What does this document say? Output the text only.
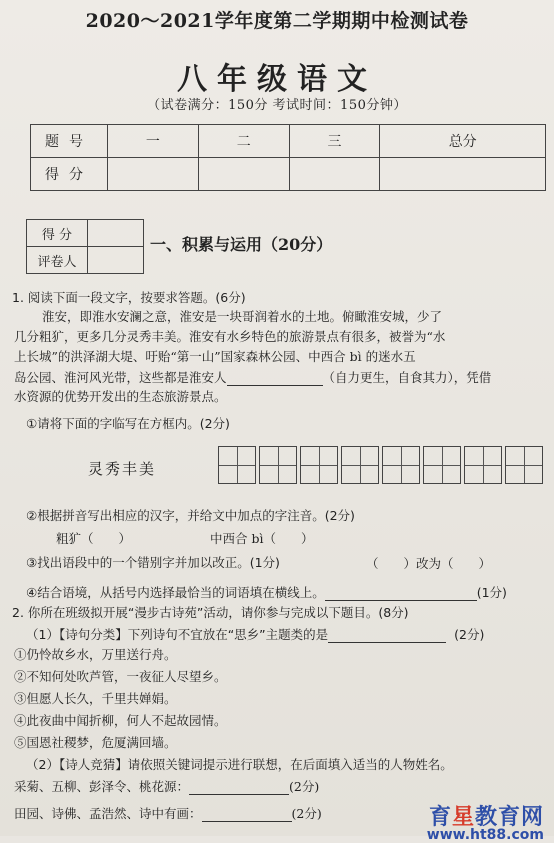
2020～2021学年度第二学期期中检测试卷
八年级语文
（试卷满分：150分 考试时间：150分钟）
题号	一	二	三	总分
得分				
得 分	
评卷人	
一、积累与运用（20分）
1. 阅读下面一段文字，按要求答题。(6分)
淮安，即淮水安澜之意，淮安是一块哥润着水的土地。俯瞰淮安城，少了
几分粗犷，更多几分灵秀丰美。淮安有水乡特色的旅游景点有很多，被誉为“水
上长城”的洪泽湖大堤、吁贻“第一山”国家森林公园、中西合 bì 的迷水五
岛公园、淮河风光带，这些都是淮安人	（自力更生，自食其力），凭借
水资源的优势开发出的生态旅游景点。
①请将下面的字临写在方框内。(2分)
灵秀丰美
②根据拼音写出相应的汉字，并给文中加点的字注音。(2分)
粗犷（　　）	中西合 bì（　　）
③找出语段中的一个错别字并加以改正。(1分)	（　　）改为（　　）
④结合语境，从括号内选择最恰当的词语填在横线上。	(1分)
2. 你所在班级拟开展“漫步古诗苑”活动，请你参与完成以下题目。(8分)
（1）【诗句分类】下列诗句不宜放在“思乡”主题类的是	(2分)
①仍怜故乡水，万里送行舟。
②不知何处吹芦管，一夜征人尽望乡。
③但愿人长久，千里共婵娟。
④此夜曲中闻折柳，何人不起故园情。
⑤国恩社稷梦，危厦满回墙。
（2）【诗人竞猜】请依照关键词提示进行联想，在后面填入适当的人物姓名。
采菊、五柳、彭泽令、桃花源：	(2分)
田园、诗佛、孟浩然、诗中有画：	(2分)	育星教育网
www.ht88.com
